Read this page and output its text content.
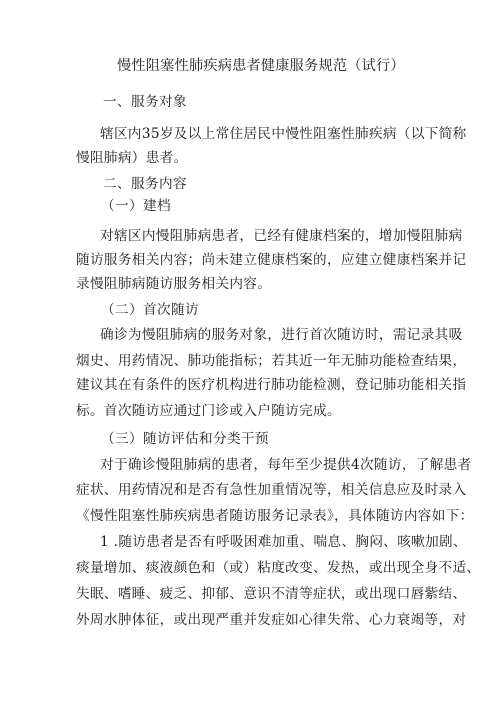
慢性阻塞性肺疾病患者健康服务规范（试行）
一、服务对象
辖区内35岁及以上常住居民中慢性阻塞性肺疾病（以下简称
慢阻肺病）患者。
二、服务内容
（一）建档
对辖区内慢阻肺病患者，已经有健康档案的，增加慢阻肺病
随访服务相关内容；尚未建立健康档案的，应建立健康档案并记
录慢阻肺病随访服务相关内容。
（二）首次随访
确诊为慢阻肺病的服务对象，进行首次随访时，需记录其吸
烟史、用药情况、肺功能指标；若其近一年无肺功能检查结果，
建议其在有条件的医疗机构进行肺功能检测，登记肺功能相关指
标。首次随访应通过门诊或入户随访完成。
（三）随访评估和分类干预
对于确诊慢阻肺病的患者，每年至少提供4次随访，了解患者
症状、用药情况和是否有急性加重情况等，相关信息应及时录入
《慢性阻塞性肺疾病患者随访服务记录表》，具体随访内容如下：
1 .随访患者是否有呼吸困难加重、喘息、胸闷、咳嗽加剧、
痰量增加、痰液颜色和（或）粘度改变、发热，或出现全身不适、
失眠、嗜睡、疲乏、抑郁、意识不清等症状，或出现口唇紫结、
外周水肿体征，或出现严重并发症如心律失常、心力衰竭等，对
